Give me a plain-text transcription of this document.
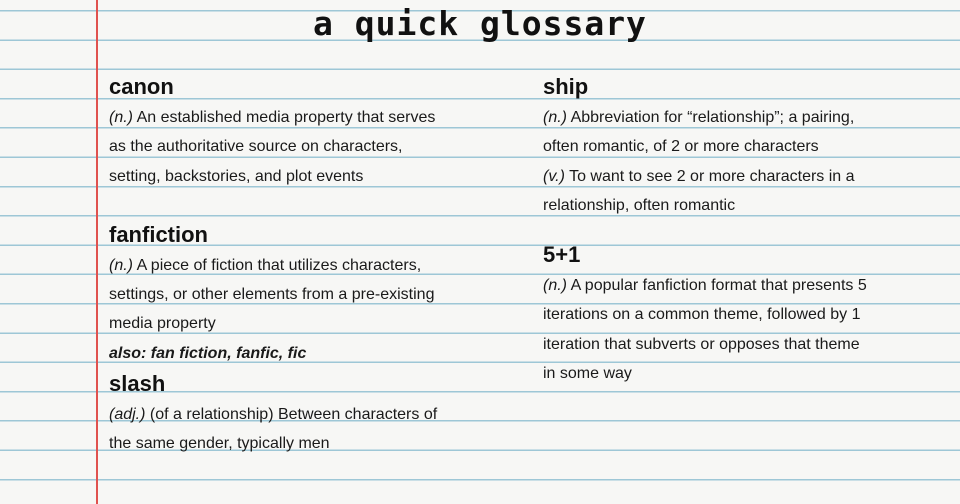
a quick glossary

canon

(n.) An established media property that serves

as the authoritative source on characters,

setting, backstories, and plot events

fanfiction

(n.) A piece of fiction that utilizes characters,

settings, or other elements from a pre-existing

media property

also: fan fiction, fanfic, fic

slash

(adj.) (of a relationship) Between characters of

the same gender, typically men

ship

(n.) Abbreviation for “relationship”; a pairing,

often romantic, of 2 or more characters

(v.) To want to see 2 or more characters in a

relationship, often romantic

5+1

(n.) A popular fanfiction format that presents 5

iterations on a common theme, followed by 1

iteration that subverts or opposes that theme

in some way
